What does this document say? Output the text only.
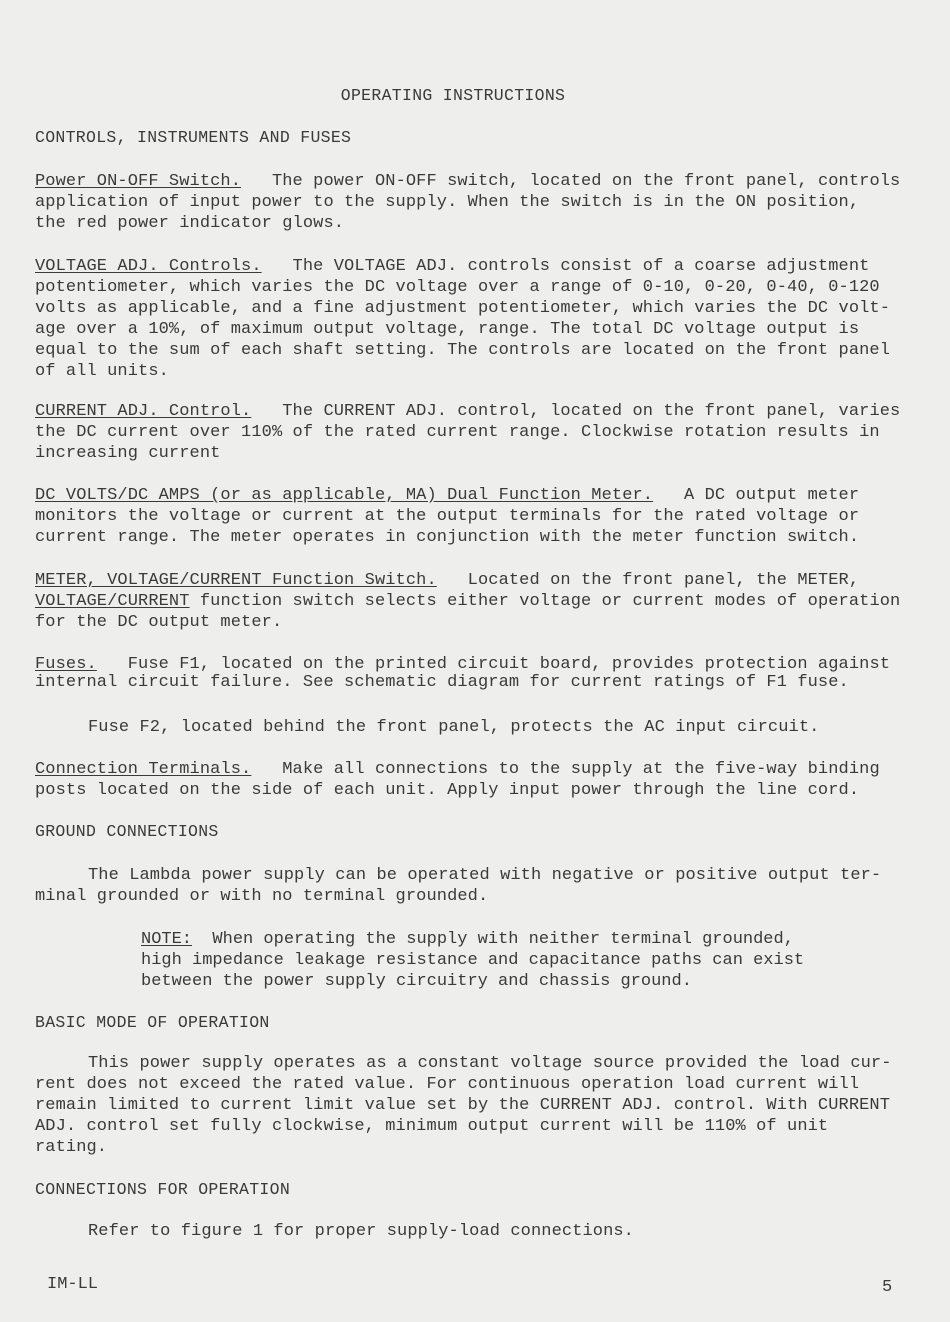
OPERATING INSTRUCTIONS
CONTROLS, INSTRUMENTS AND FUSES
Power ON-OFF Switch. The power ON-OFF switch, located on the front panel, controls
application of input power to the supply. When the switch is in the ON position,
the red power indicator glows.
VOLTAGE ADJ. Controls. The VOLTAGE ADJ. controls consist of a coarse adjustment
potentiometer, which varies the DC voltage over a range of 0-10, 0-20, 0-40, 0-120
volts as applicable, and a fine adjustment potentiometer, which varies the DC volt-
age over a 10%, of maximum output voltage, range. The total DC voltage output is
equal to the sum of each shaft setting. The controls are located on the front panel
of all units.
CURRENT ADJ. Control. The CURRENT ADJ. control, located on the front panel, varies
the DC current over 110% of the rated current range. Clockwise rotation results in
increasing current
DC VOLTS/DC AMPS (or as applicable, MA) Dual Function Meter. A DC output meter
monitors the voltage or current at the output terminals for the rated voltage or
current range. The meter operates in conjunction with the meter function switch.
METER, VOLTAGE/CURRENT Function Switch. Located on the front panel, the METER,
VOLTAGE/CURRENT function switch selects either voltage or current modes of operation
for the DC output meter.
Fuses. Fuse F1, located on the printed circuit board, provides protection against
internal circuit failure. See schematic diagram for current ratings of F1 fuse.
Fuse F2, located behind the front panel, protects the AC input circuit.
Connection Terminals. Make all connections to the supply at the five-way binding
posts located on the side of each unit. Apply input power through the line cord.
GROUND CONNECTIONS
The Lambda power supply can be operated with negative or positive output ter-
minal grounded or with no terminal grounded.
NOTE: When operating the supply with neither terminal grounded,
high impedance leakage resistance and capacitance paths can exist
between the power supply circuitry and chassis ground.
BASIC MODE OF OPERATION
This power supply operates as a constant voltage source provided the load cur-
rent does not exceed the rated value. For continuous operation load current will
remain limited to current limit value set by the CURRENT ADJ. control. With CURRENT
ADJ. control set fully clockwise, minimum output current will be 110% of unit
rating.
CONNECTIONS FOR OPERATION
Refer to figure 1 for proper supply-load connections.
IM-LL	5
